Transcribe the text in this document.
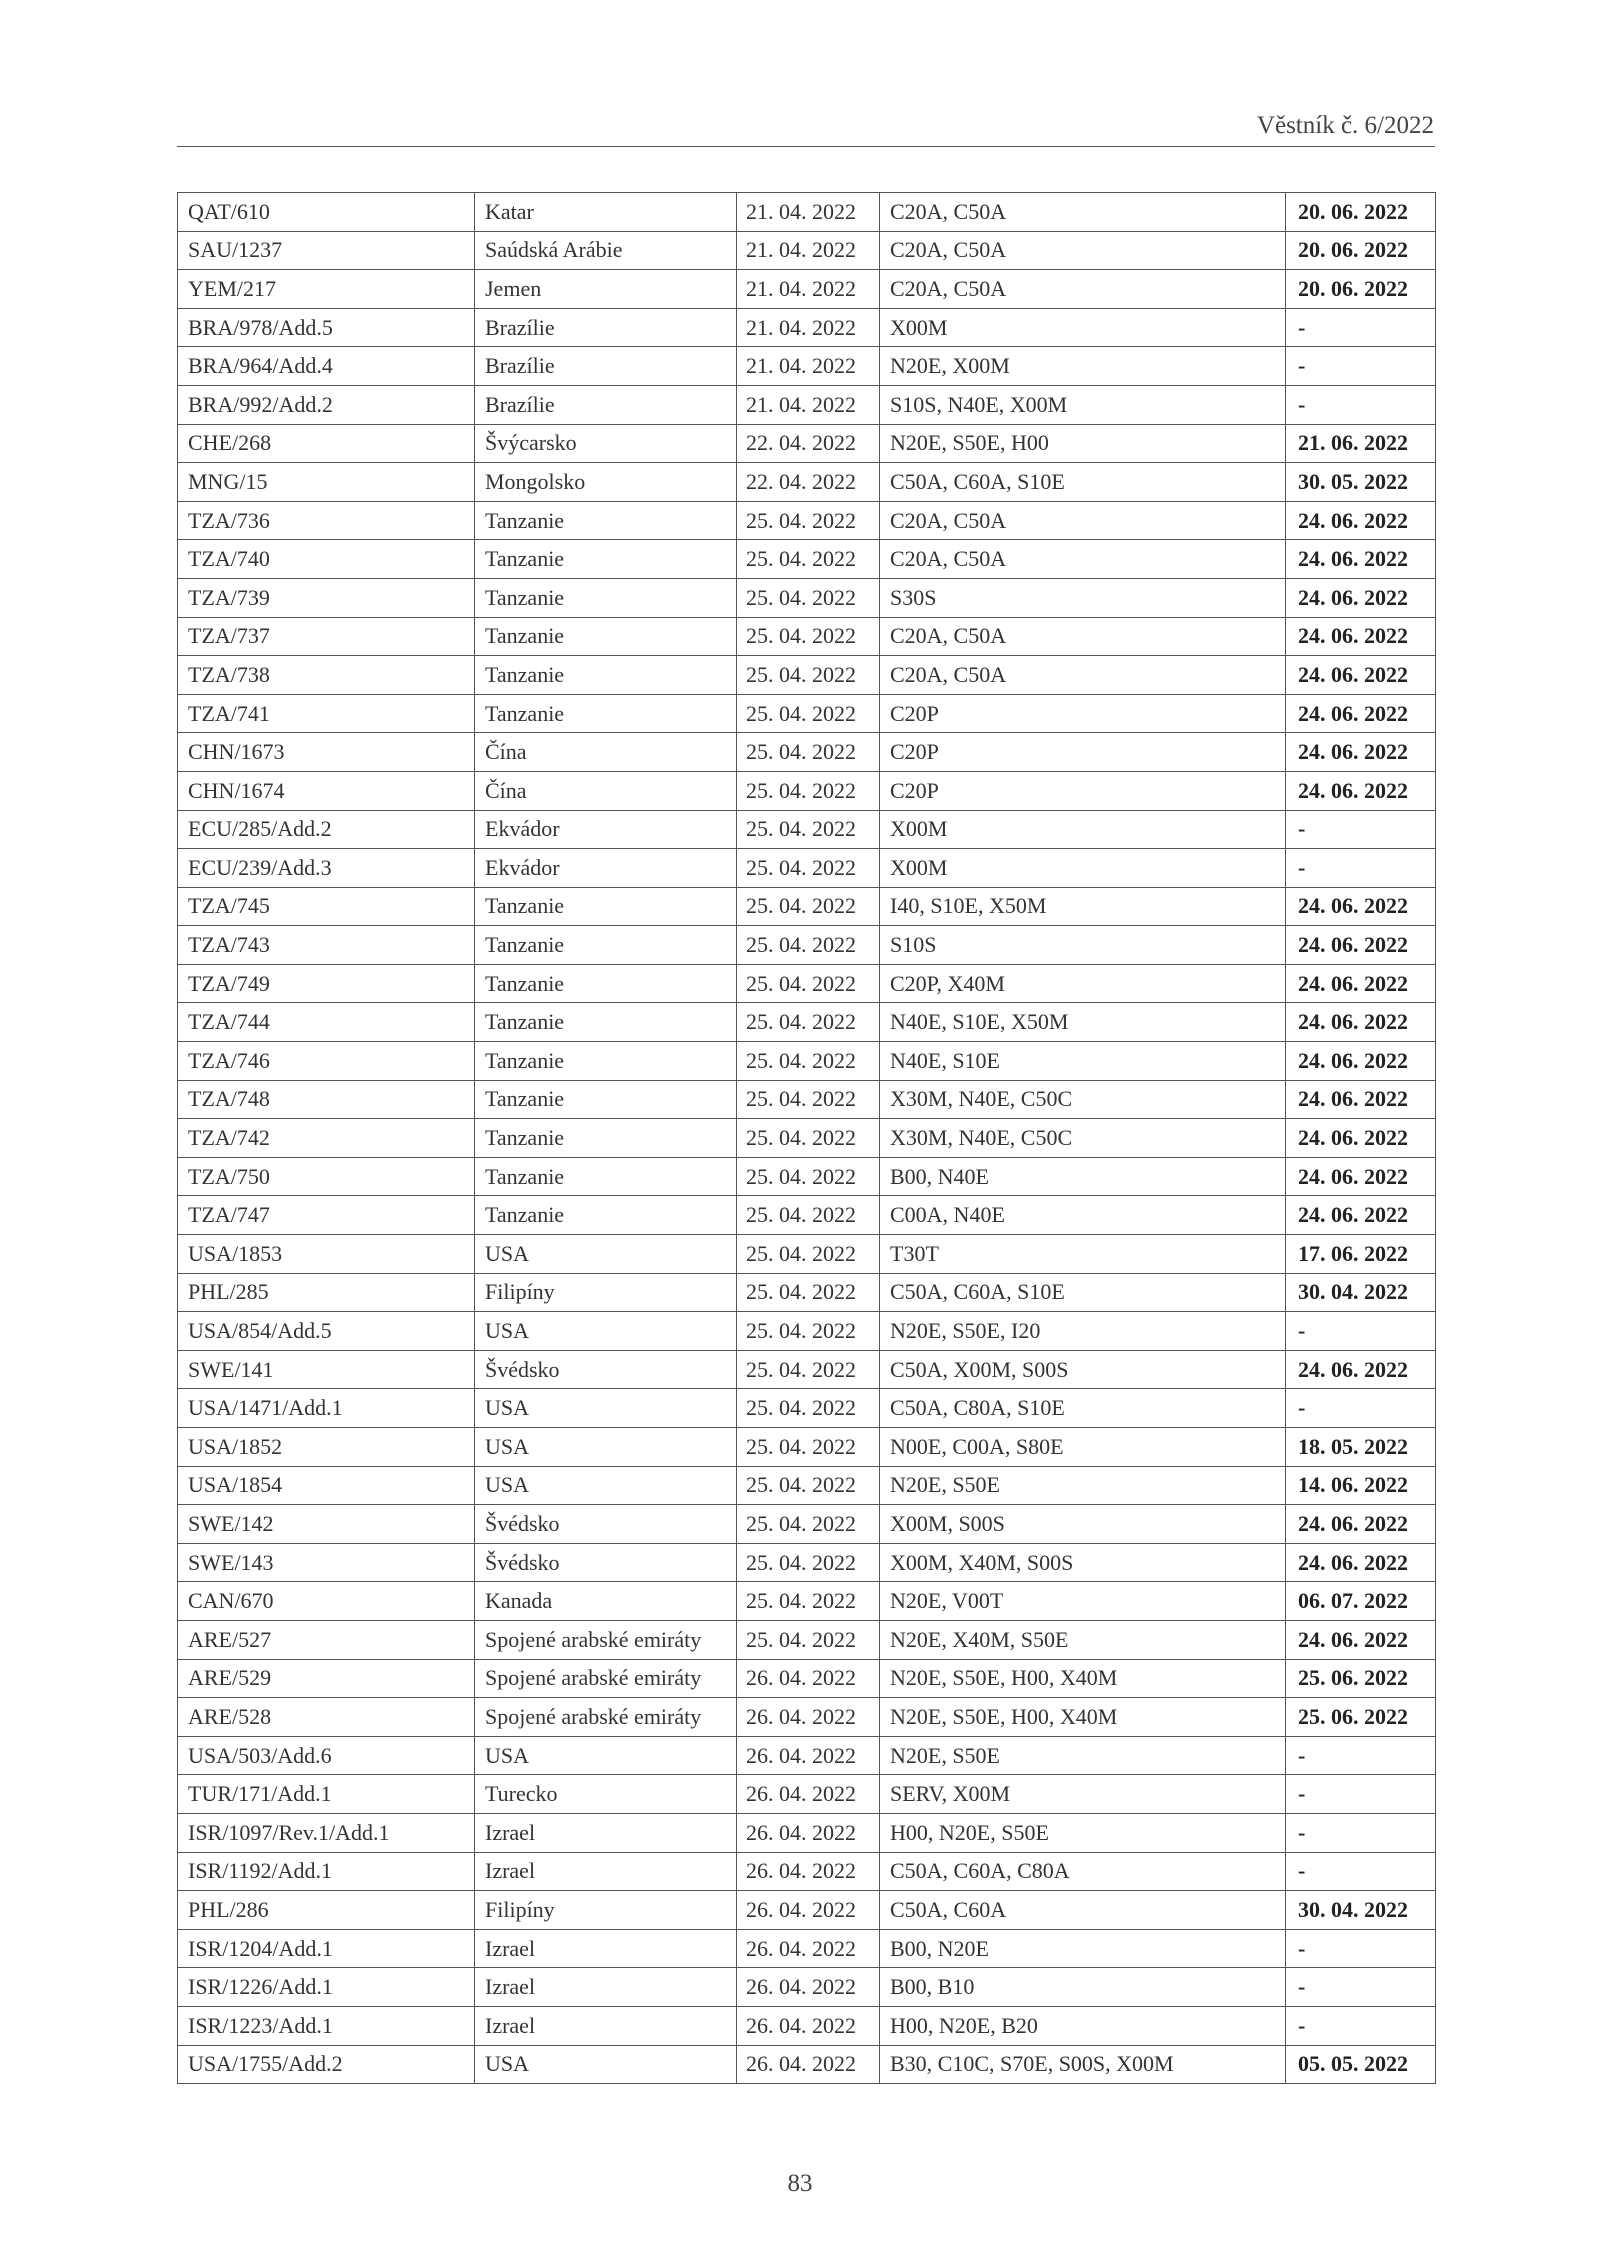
Věstník č. 6/2022
QAT/610	Katar	21. 04. 2022	C20A, C50A	20. 06. 2022
SAU/1237	Saúdská Arábie	21. 04. 2022	C20A, C50A	20. 06. 2022
YEM/217	Jemen	21. 04. 2022	C20A, C50A	20. 06. 2022
BRA/978/Add.5	Brazílie	21. 04. 2022	X00M	-
BRA/964/Add.4	Brazílie	21. 04. 2022	N20E, X00M	-
BRA/992/Add.2	Brazílie	21. 04. 2022	S10S, N40E, X00M	-
CHE/268	Švýcarsko	22. 04. 2022	N20E, S50E, H00	21. 06. 2022
MNG/15	Mongolsko	22. 04. 2022	C50A, C60A, S10E	30. 05. 2022
TZA/736	Tanzanie	25. 04. 2022	C20A, C50A	24. 06. 2022
TZA/740	Tanzanie	25. 04. 2022	C20A, C50A	24. 06. 2022
TZA/739	Tanzanie	25. 04. 2022	S30S	24. 06. 2022
TZA/737	Tanzanie	25. 04. 2022	C20A, C50A	24. 06. 2022
TZA/738	Tanzanie	25. 04. 2022	C20A, C50A	24. 06. 2022
TZA/741	Tanzanie	25. 04. 2022	C20P	24. 06. 2022
CHN/1673	Čína	25. 04. 2022	C20P	24. 06. 2022
CHN/1674	Čína	25. 04. 2022	C20P	24. 06. 2022
ECU/285/Add.2	Ekvádor	25. 04. 2022	X00M	-
ECU/239/Add.3	Ekvádor	25. 04. 2022	X00M	-
TZA/745	Tanzanie	25. 04. 2022	I40, S10E, X50M	24. 06. 2022
TZA/743	Tanzanie	25. 04. 2022	S10S	24. 06. 2022
TZA/749	Tanzanie	25. 04. 2022	C20P, X40M	24. 06. 2022
TZA/744	Tanzanie	25. 04. 2022	N40E, S10E, X50M	24. 06. 2022
TZA/746	Tanzanie	25. 04. 2022	N40E, S10E	24. 06. 2022
TZA/748	Tanzanie	25. 04. 2022	X30M, N40E, C50C	24. 06. 2022
TZA/742	Tanzanie	25. 04. 2022	X30M, N40E, C50C	24. 06. 2022
TZA/750	Tanzanie	25. 04. 2022	B00, N40E	24. 06. 2022
TZA/747	Tanzanie	25. 04. 2022	C00A, N40E	24. 06. 2022
USA/1853	USA	25. 04. 2022	T30T	17. 06. 2022
PHL/285	Filipíny	25. 04. 2022	C50A, C60A, S10E	30. 04. 2022
USA/854/Add.5	USA	25. 04. 2022	N20E, S50E, I20	-
SWE/141	Švédsko	25. 04. 2022	C50A, X00M, S00S	24. 06. 2022
USA/1471/Add.1	USA	25. 04. 2022	C50A, C80A, S10E	-
USA/1852	USA	25. 04. 2022	N00E, C00A, S80E	18. 05. 2022
USA/1854	USA	25. 04. 2022	N20E, S50E	14. 06. 2022
SWE/142	Švédsko	25. 04. 2022	X00M, S00S	24. 06. 2022
SWE/143	Švédsko	25. 04. 2022	X00M, X40M, S00S	24. 06. 2022
CAN/670	Kanada	25. 04. 2022	N20E, V00T	06. 07. 2022
ARE/527	Spojené arabské emiráty	25. 04. 2022	N20E, X40M, S50E	24. 06. 2022
ARE/529	Spojené arabské emiráty	26. 04. 2022	N20E, S50E, H00, X40M	25. 06. 2022
ARE/528	Spojené arabské emiráty	26. 04. 2022	N20E, S50E, H00, X40M	25. 06. 2022
USA/503/Add.6	USA	26. 04. 2022	N20E, S50E	-
TUR/171/Add.1	Turecko	26. 04. 2022	SERV, X00M	-
ISR/1097/Rev.1/Add.1	Izrael	26. 04. 2022	H00, N20E, S50E	-
ISR/1192/Add.1	Izrael	26. 04. 2022	C50A, C60A, C80A	-
PHL/286	Filipíny	26. 04. 2022	C50A, C60A	30. 04. 2022
ISR/1204/Add.1	Izrael	26. 04. 2022	B00, N20E	-
ISR/1226/Add.1	Izrael	26. 04. 2022	B00, B10	-
ISR/1223/Add.1	Izrael	26. 04. 2022	H00, N20E, B20	-
USA/1755/Add.2	USA	26. 04. 2022	B30, C10C, S70E, S00S, X00M	05. 05. 2022
83
